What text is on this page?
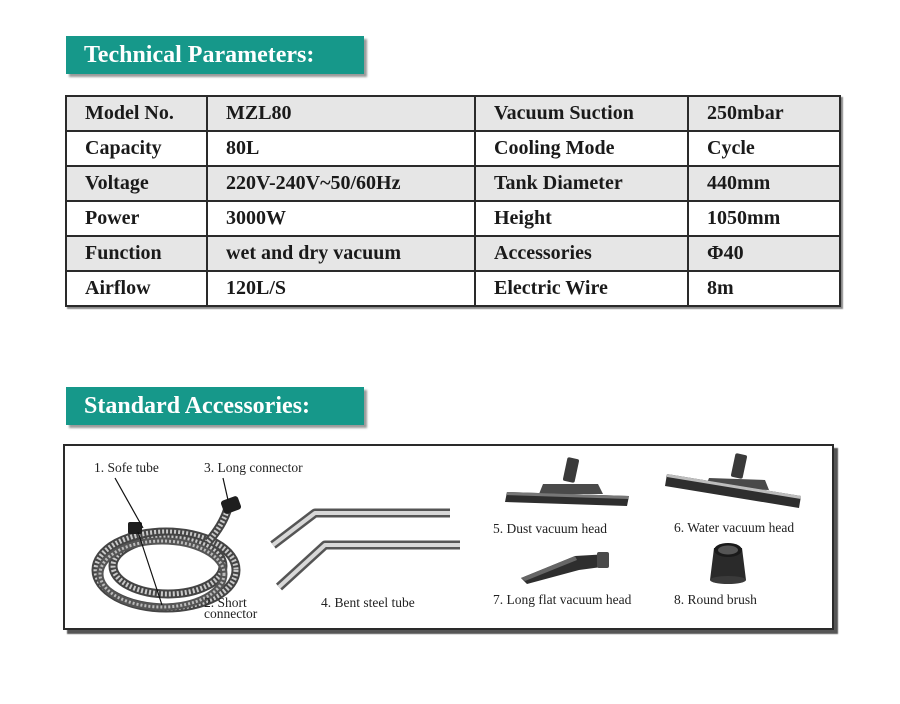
Technical Parameters:
Model No.	MZL80	Vacuum Suction	250mbar
Capacity	80L	Cooling Mode	Cycle
Voltage	220V-240V~50/60Hz	Tank Diameter	440mm
Power	3000W	Height	1050mm
Function	wet and dry vacuum	Accessories	Φ40
Airflow	120L/S	Electric Wire	8m
Standard Accessories:
1. Sofe tube	3. Long connector
2. Short
connector
4. Bent steel tube
5. Dust vacuum head	6. Water vacuum head
7. Long flat vacuum head	8. Round brush
